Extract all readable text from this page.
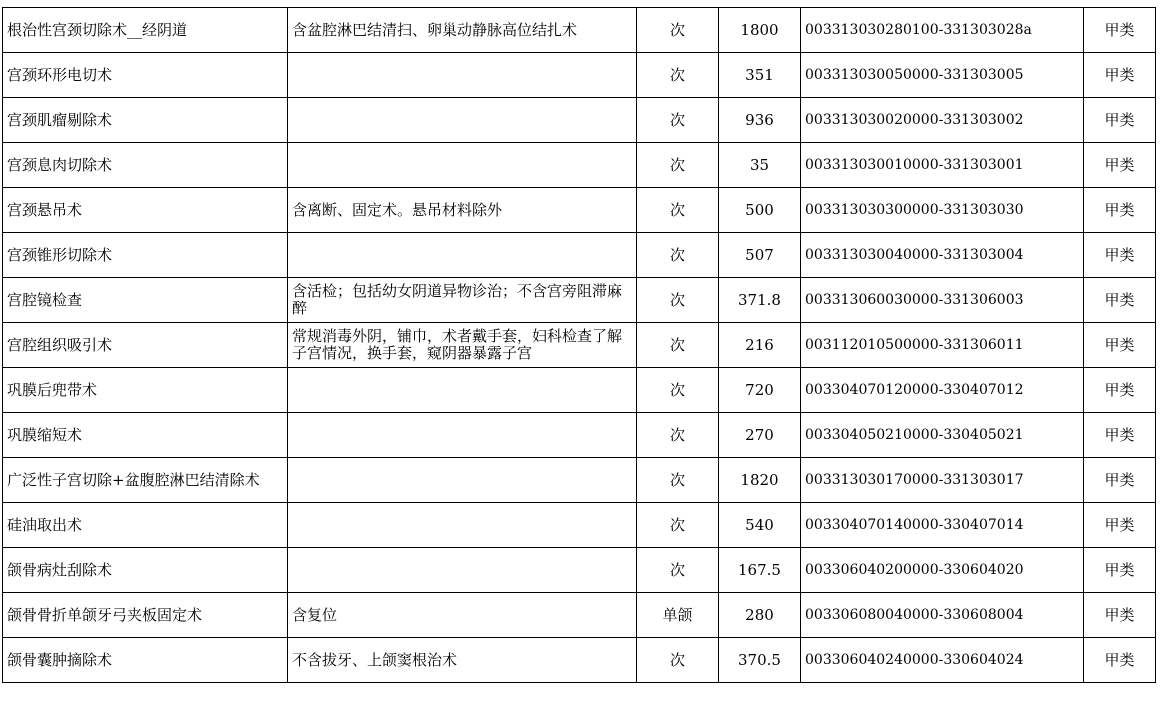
根治性宫颈切除术__经阴道	含盆腔淋巴结清扫、卵巢动静脉高位结扎术	次	1800	003313030280100-331303028a	甲类
宫颈环形电切术		次	351	003313030050000-331303005	甲类
宫颈肌瘤剔除术		次	936	003313030020000-331303002	甲类
宫颈息肉切除术		次	35	003313030010000-331303001	甲类
宫颈悬吊术	含离断、固定术。悬吊材料除外	次	500	003313030300000-331303030	甲类
宫颈锥形切除术		次	507	003313030040000-331303004	甲类
宫腔镜检查	含活检；包括幼女阴道异物诊治；不含宫旁阻滞麻醉	次	371.8	003313060030000-331306003	甲类
宫腔组织吸引术	常规消毒外阴，铺巾，术者戴手套，妇科检查了解子宫情况，换手套，窥阴器暴露子宫	次	216	003112010500000-331306011	甲类
巩膜后兜带术		次	720	003304070120000-330407012	甲类
巩膜缩短术		次	270	003304050210000-330405021	甲类
广泛性子宫切除+盆腹腔淋巴结清除术		次	1820	003313030170000-331303017	甲类
硅油取出术		次	540	003304070140000-330407014	甲类
颌骨病灶刮除术		次	167.5	003306040200000-330604020	甲类
颌骨骨折单颌牙弓夹板固定术	含复位	单颌	280	003306080040000-330608004	甲类
颌骨囊肿摘除术	不含拔牙、上颌窦根治术	次	370.5	003306040240000-330604024	甲类
